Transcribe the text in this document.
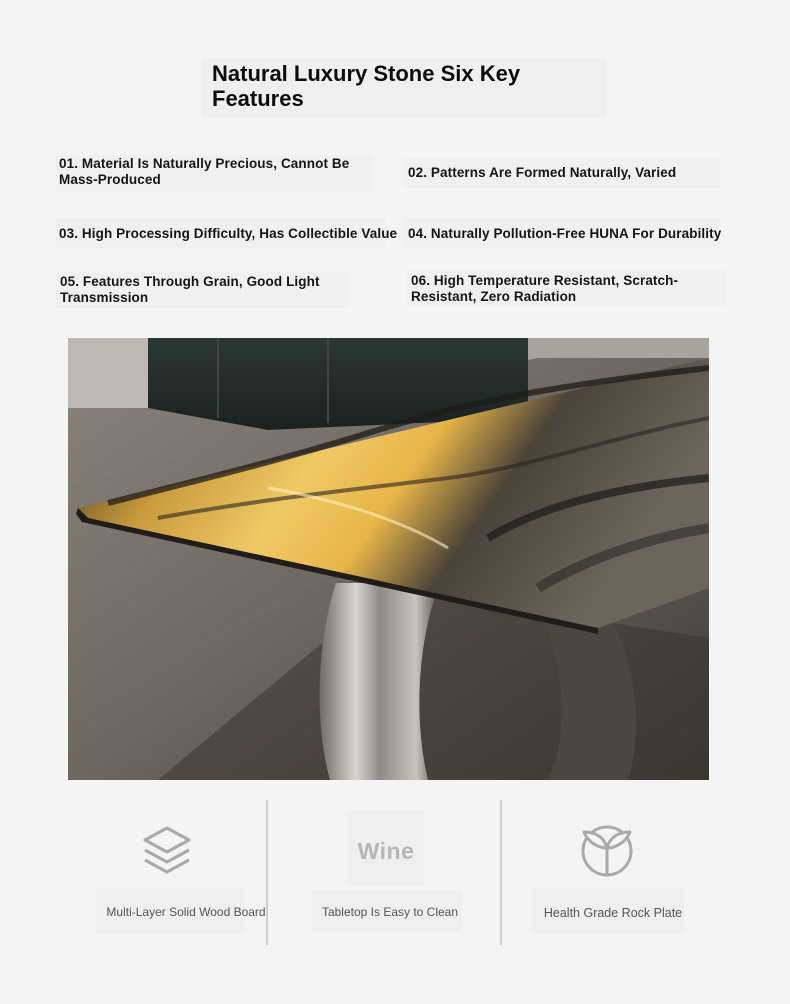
Natural Luxury Stone Six Key Features
01. Material Is Naturally Precious, Cannot Be Mass-Produced	02. Patterns Are Formed Naturally, Varied
03. High Processing Difficulty, Has Collectible Value 04. Naturally Pollution-Free HUNA For Durability
05. Features Through Grain, Good Light Transmission
06. High Temperature Resistant, Scratch-Resistant, Zero Radiation
Multi-Layer Solid Wood Board
Wine
Tabletop Is Easy to Clean	Health Grade Rock Plate
